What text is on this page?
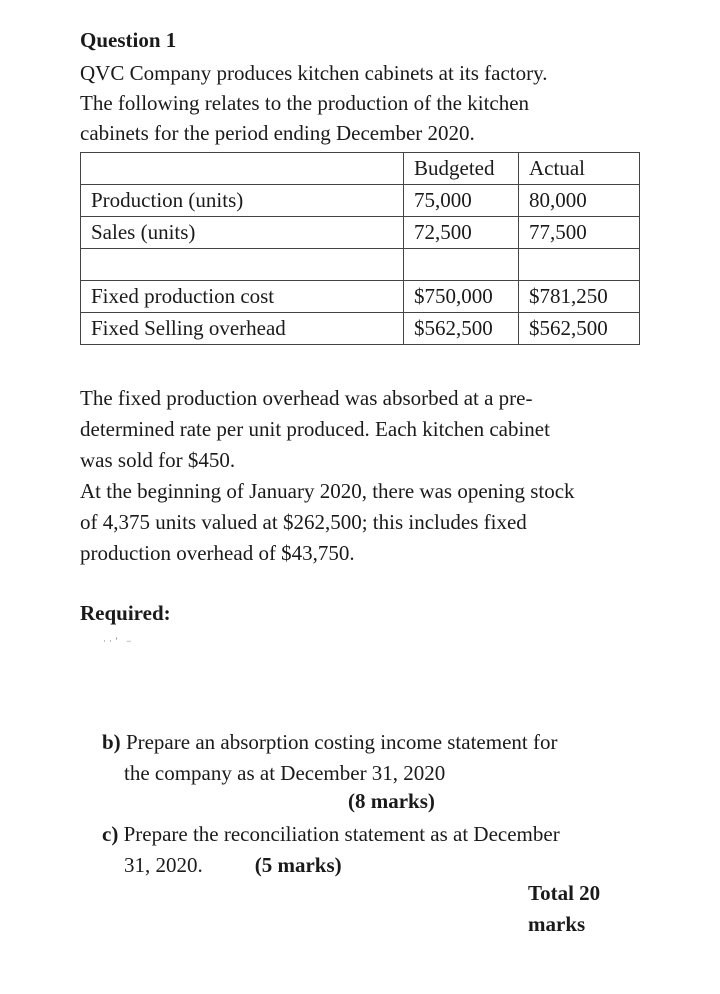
Question 1
QVC Company produces kitchen cabinets at its factory.
The following relates to the production of the kitchen
cabinets for the period ending December 2020.
	Budgeted	Actual
Production (units)	75,000	80,000
Sales (units)	72,500	77,500

Fixed production cost	$750,000	$781,250
Fixed Selling overhead	$562,500	$562,500
The fixed production overhead was absorbed at a pre-
determined rate per unit produced. Each kitchen cabinet
was sold for $450.
At the beginning of January 2020, there was opening stock
of 4,375 units valued at $262,500; this includes fixed
production overhead of $43,750.
Required:
··ʼ −
b) Prepare an absorption costing income statement for
the company as at December 31, 2020
(8 marks)
c) Prepare the reconciliation statement as at December
31, 2020. (5 marks)
Total 20
marks
